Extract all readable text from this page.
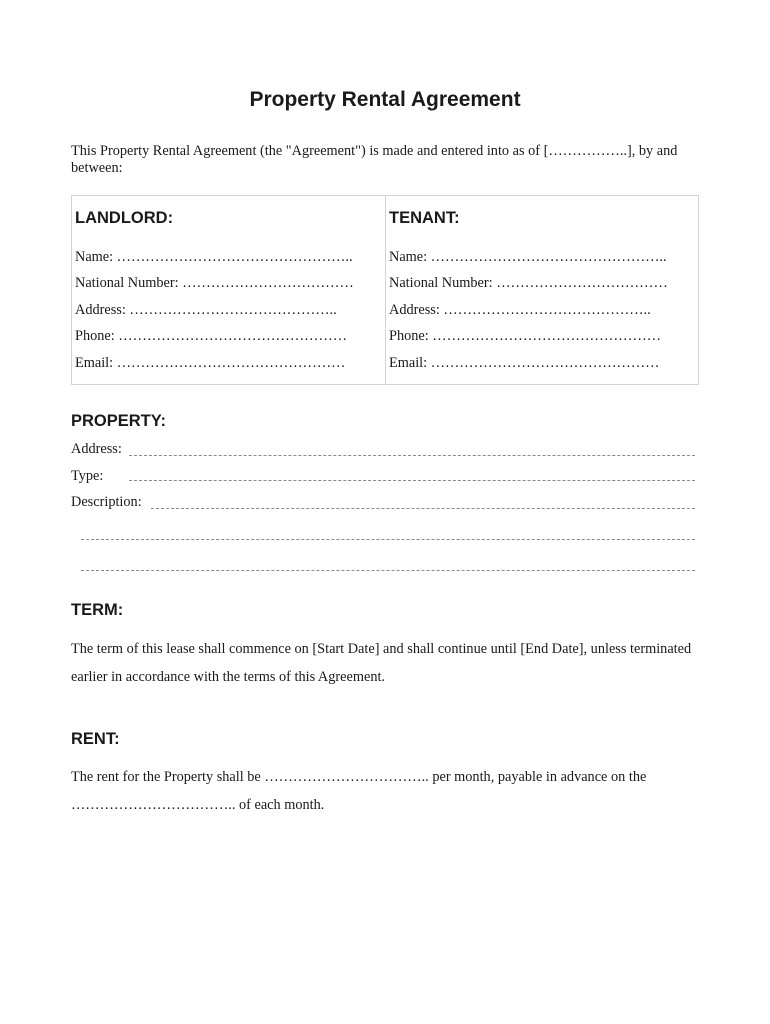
Property Rental Agreement
This Property Rental Agreement (the "Agreement") is made and entered into as of [……………..], by and between:
LANDLORD:
Name: …………………………………………..
National Number: ………………………………
Address: ……………………………………..
Phone: …………………………………………
Email: …………………………………………
TENANT:
Name: …………………………………………..
National Number: ………………………………
Address: ……………………………………..
Phone: …………………………………………
Email: …………………………………………
PROPERTY:
Address:
Type:
Description:
TERM:
The term of this lease shall commence on [Start Date] and shall continue until [End Date], unless terminated earlier in accordance with the terms of this Agreement.
RENT:
The rent for the Property shall be …………………………….. per month, payable in advance on the …………………………….. of each month.
